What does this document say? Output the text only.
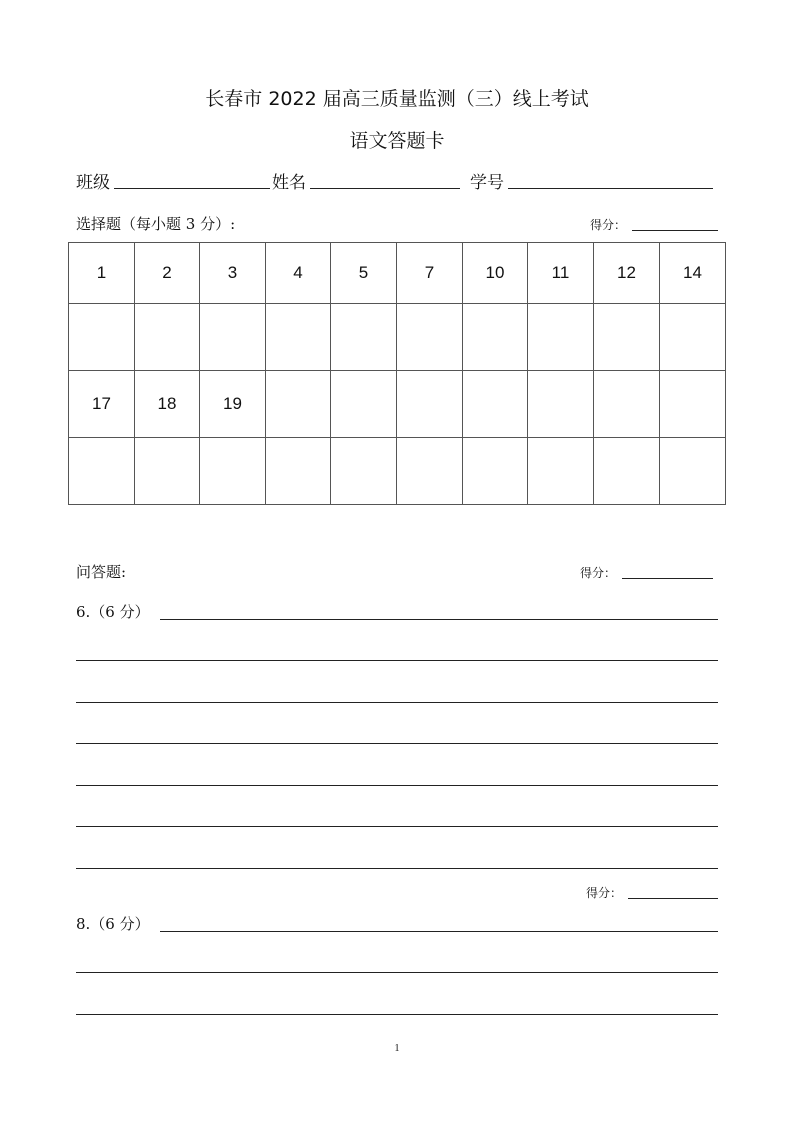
长春市 2022 届高三质量监测（三）线上考试
语文答题卡
班级	姓名	学号
选择题（每小题 3 分）:	得分：
1	2	3	4	5	7	10	11	12	14

17	18	19							

问答题:	得分：
6.（6 分）
得分：
8.（6 分）
1
